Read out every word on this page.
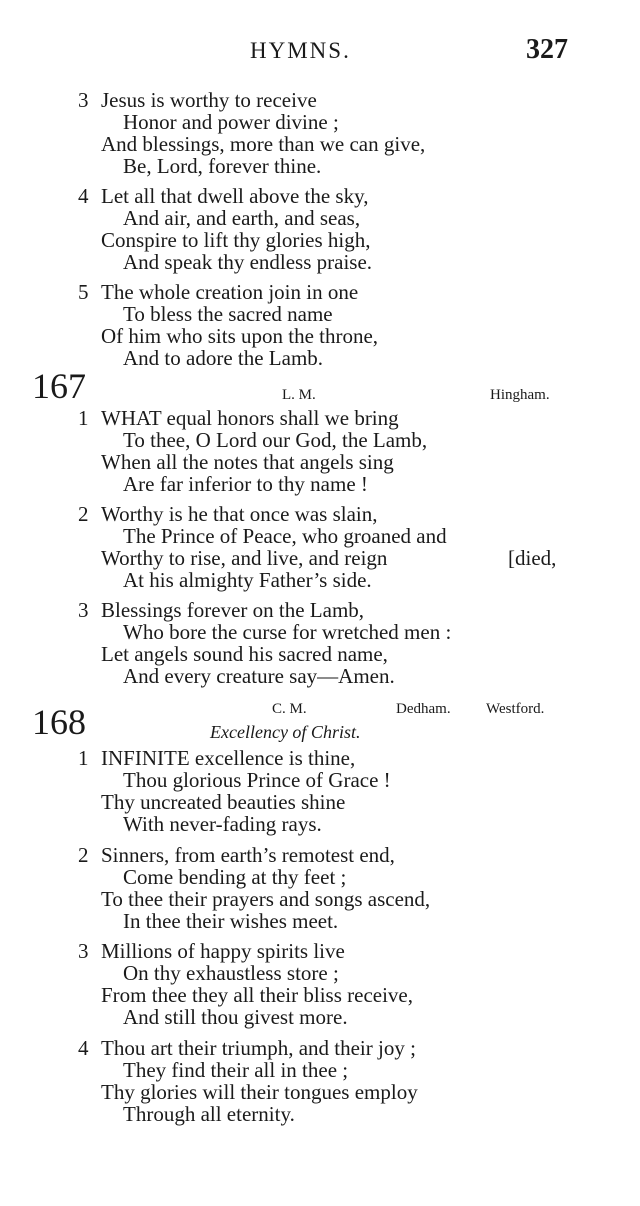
HYMNS.	327
3 Jesus is worthy to receive
Honor and power divine ;
And blessings, more than we can give,
Be, Lord, forever thine.
4 Let all that dwell above the sky,
And air, and earth, and seas,
Conspire to lift thy glories high,
And speak thy endless praise.
5 The whole creation join in one
To bless the sacred name
Of him who sits upon the throne,
And to adore the Lamb.
167	L. M.	Hingham.
1 WHAT equal honors shall we bring
To thee, O Lord our God, the Lamb,
When all the notes that angels sing
Are far inferior to thy name !
2 Worthy is he that once was slain,
The Prince of Peace, who groaned and
Worthy to rise, and live, and reign	[died,
At his almighty Father’s side.
3 Blessings forever on the Lamb,
Who bore the curse for wretched men :
Let angels sound his sacred name,
And every creature say—Amen.
168	C. M.	Dedham. Westford.
Excellency of Christ.
1 INFINITE excellence is thine,
Thou glorious Prince of Grace !
Thy uncreated beauties shine
With never-fading rays.
2 Sinners, from earth’s remotest end,
Come bending at thy feet ;
To thee their prayers and songs ascend,
In thee their wishes meet.
3 Millions of happy spirits live
On thy exhaustless store ;
From thee they all their bliss receive,
And still thou givest more.
4 Thou art their triumph, and their joy ;
They find their all in thee ;
Thy glories will their tongues employ
Through all eternity.
